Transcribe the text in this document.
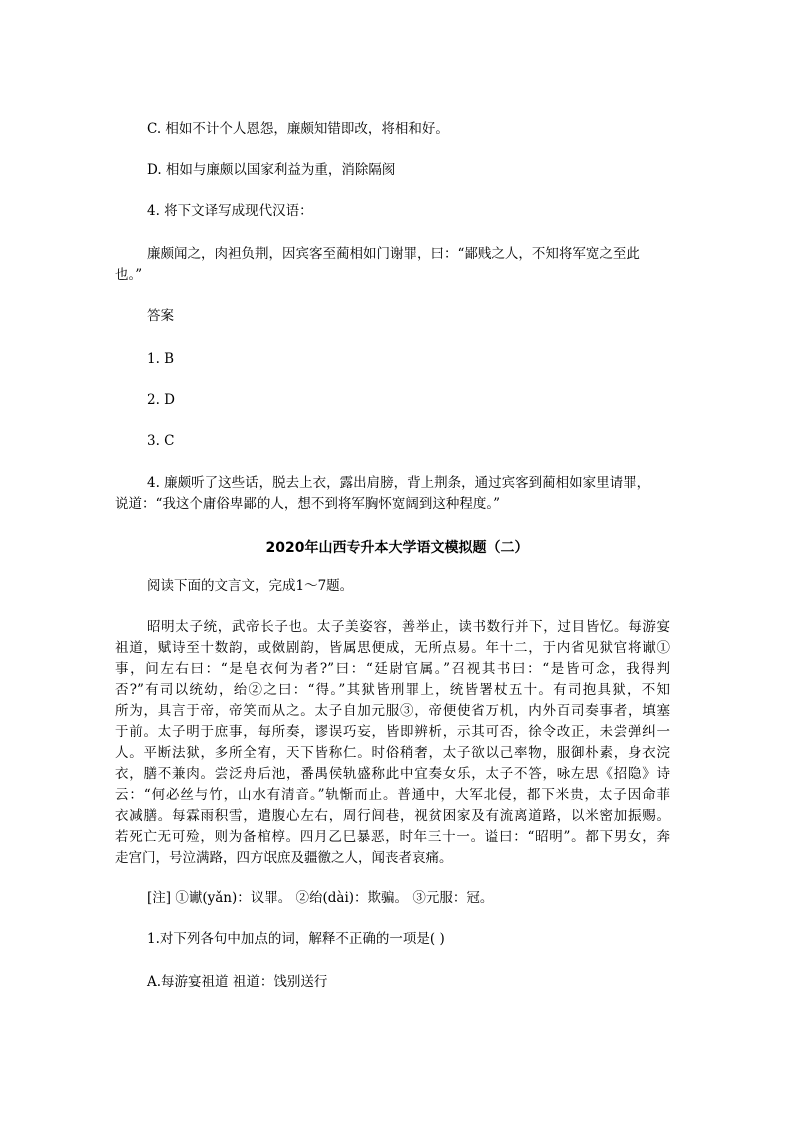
C. 相如不计个人恩怨，廉颇知错即改，将相和好。
D. 相如与廉颇以国家利益为重，消除隔阂
4. 将下文译写成现代汉语：
廉颇闻之，肉袒负荆，因宾客至蔺相如门谢罪，曰：“鄙贱之人，不知将军宽之至此
也。”
答案
1. B
2. D
3. C
4. 廉颇听了这些话，脱去上衣，露出肩膀，背上荆条，通过宾客到蔺相如家里请罪，
说道：“我这个庸俗卑鄙的人，想不到将军胸怀宽阔到这种程度。”
2020年山西专升本大学语文模拟题（二）
阅读下面的文言文，完成1～7题。
昭明太子统，武帝长子也。太子美姿容，善举止，读书数行并下，过目皆忆。每游宴
祖道，赋诗至十数韵，或傚剧韵，皆属思便成，无所点易。年十二，于内省见狱官将谳①
事，问左右曰：“是皂衣何为者?”曰：“廷尉官属。”召视其书曰：“是皆可念，我得判
否?”有司以统幼，绐②之曰：“得。”其狱皆刑罪上，统皆署杖五十。有司抱具狱，不知
所为，具言于帝，帝笑而从之。太子自加元服③，帝便使省万机，内外百司奏事者，填塞
于前。太子明于庶事，每所奏，谬误巧妄，皆即辨析，示其可否，徐令改正，未尝弹纠一
人。平断法狱，多所全宥，天下皆称仁。时俗稍奢，太子欲以己率物，服御朴素，身衣浣
衣，膳不兼肉。尝泛舟后池，番禺侯轨盛称此中宜奏女乐，太子不答，咏左思《招隐》诗
云：“何必丝与竹，山水有清音。”轨惭而止。普通中，大军北侵，都下米贵，太子因命菲
衣减膳。每霖雨积雪，遣腹心左右，周行闾巷，视贫困家及有流离道路，以米密加振赐。
若死亡无可殓，则为备棺椁。四月乙巳暴恶，时年三十一。谥曰：“昭明”。都下男女，奔
走宫门，号泣满路，四方氓庶及疆徼之人，闻丧者哀痛。
[注] ①谳(yǎn)：议罪。 ②绐(dài)：欺骗。 ③元服：冠。
1.对下列各句中加点的词，解释不正确的一项是( )
A.每游宴祖道 祖道：饯别送行
